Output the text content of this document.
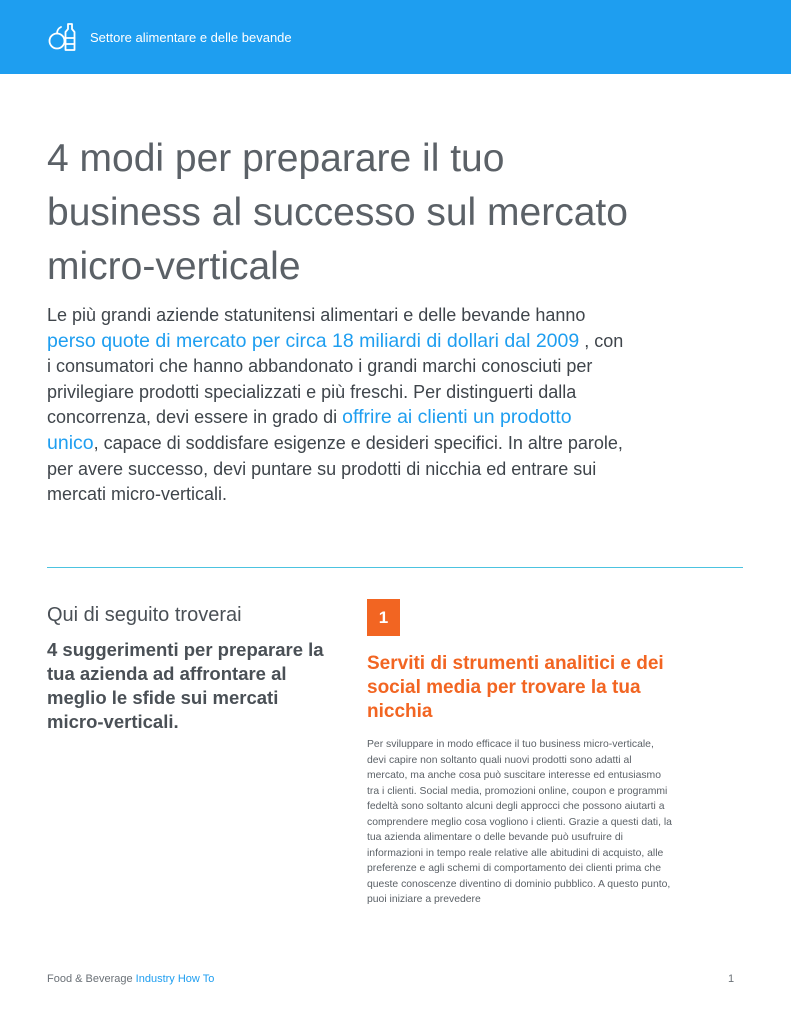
Settore alimentare e delle bevande
4 modi per preparare il tuo
business al successo sul mercato
micro-verticale

Le più grandi aziende statunitensi alimentari e delle bevande hanno perso quote di mercato per circa 18 miliardi di dollari dal 2009 , con i consumatori che hanno abbandonato i grandi marchi conosciuti per privilegiare prodotti specializzati e più freschi. Per distinguerti dalla concorrenza, devi essere in grado di offrire ai clienti un prodotto unico, capace di soddisfare esigenze e desideri specifici. In altre parole, per avere successo, devi puntare su prodotti di nicchia ed entrare sui mercati micro-verticali.

Qui di seguito troverai
4 suggerimenti per preparare la tua azienda ad affrontare al meglio le sfide sui mercati micro-verticali.
1
Serviti di strumenti analitici e dei social media per trovare la tua nicchia
Per sviluppare in modo efficace il tuo business micro-verticale, devi capire non soltanto quali nuovi prodotti sono adatti al mercato, ma anche cosa può suscitare interesse ed entusiasmo tra i clienti. Social media, promozioni online, coupon e programmi fedeltà sono soltanto alcuni degli approcci che possono aiutarti a comprendere meglio cosa vogliono i clienti. Grazie a questi dati, la tua azienda alimentare o delle bevande può usufruire di informazioni in tempo reale relative alle abitudini di acquisto, alle preferenze e agli schemi di comportamento dei clienti prima che queste conoscenze diventino di dominio pubblico. A questo punto, puoi iniziare a prevedere
Food & Beverage Industry How To	1
